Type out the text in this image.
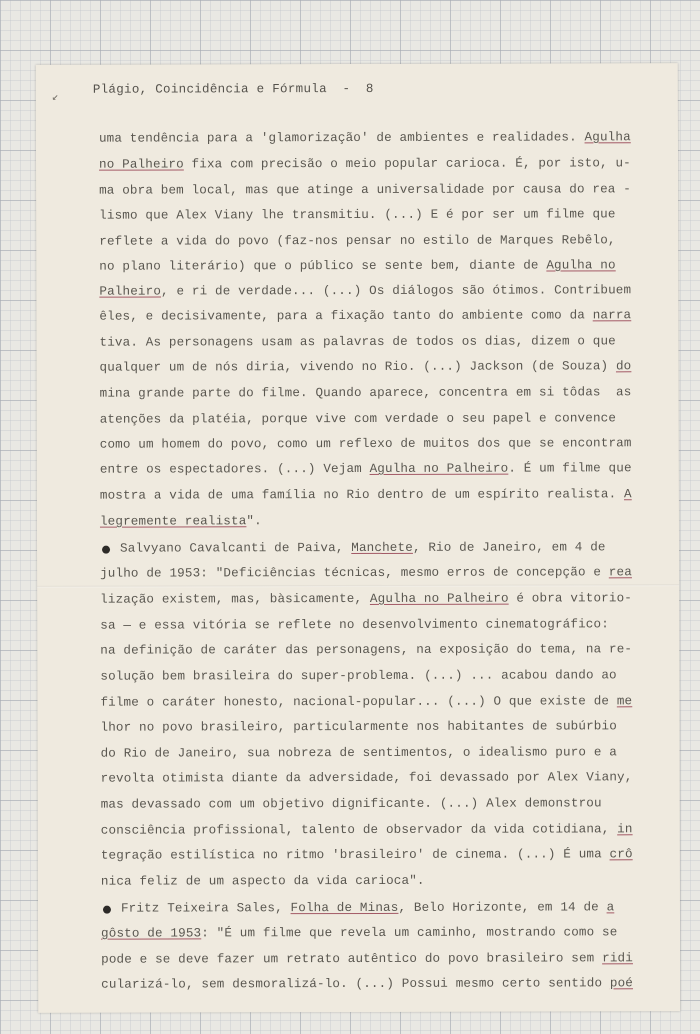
↙
Plágio, Coincidência e Fórmula  -  8
uma tendência para a 'glamorização' de ambientes e realidades. Agulha
no Palheiro fixa com precisão o meio popular carioca. É, por isto, u-
ma obra bem local, mas que atinge a universalidade por causa do rea -
lismo que Alex Viany lhe transmitiu. (...) E é por ser um filme que
reflete a vida do povo (faz-nos pensar no estilo de Marques Rebêlo,
no plano literário) que o público se sente bem, diante de Agulha no
Palheiro, e ri de verdade... (...) Os diálogos são ótimos. Contribuem
êles, e decisivamente, para a fixação tanto do ambiente como da narra
tiva. As personagens usam as palavras de todos os dias, dizem o que
qualquer um de nós diria, vivendo no Rio. (...) Jackson (de Souza) do
mina grande parte do filme. Quando aparece, concentra em si tôdas  as
atenções da platéia, porque vive com verdade o seu papel e convence
como um homem do povo, como um reflexo de muitos dos que se encontram
entre os espectadores. (...) Vejam Agulha no Palheiro. É um filme que
mostra a vida de uma família no Rio dentro de um espírito realista. A
legremente realista".
Salvyano Cavalcanti de Paiva, Manchete, Rio de Janeiro, em 4 de
julho de 1953: "Deficiências técnicas, mesmo erros de concepção e rea
lização existem, mas, bàsicamente, Agulha no Palheiro é obra vitorio-
sa — e essa vitória se reflete no desenvolvimento cinematográfico:
na definição de caráter das personagens, na exposição do tema, na re-
solução bem brasileira do super-problema. (...) ... acabou dando ao
filme o caráter honesto, nacional-popular... (...) O que existe de me
lhor no povo brasileiro, particularmente nos habitantes de subúrbio
do Rio de Janeiro, sua nobreza de sentimentos, o idealismo puro e a
revolta otimista diante da adversidade, foi devassado por Alex Viany,
mas devassado com um objetivo dignificante. (...) Alex demonstrou
consciência profissional, talento de observador da vida cotidiana, in
tegração estilística no ritmo 'brasileiro' de cinema. (...) É uma crô
nica feliz de um aspecto da vida carioca".
Fritz Teixeira Sales, Folha de Minas, Belo Horizonte, em 14 de a
gôsto de 1953: "É um filme que revela um caminho, mostrando como se
pode e se deve fazer um retrato autêntico do povo brasileiro sem ridi
cularizá-lo, sem desmoralizá-lo. (...) Possui mesmo certo sentido poé
